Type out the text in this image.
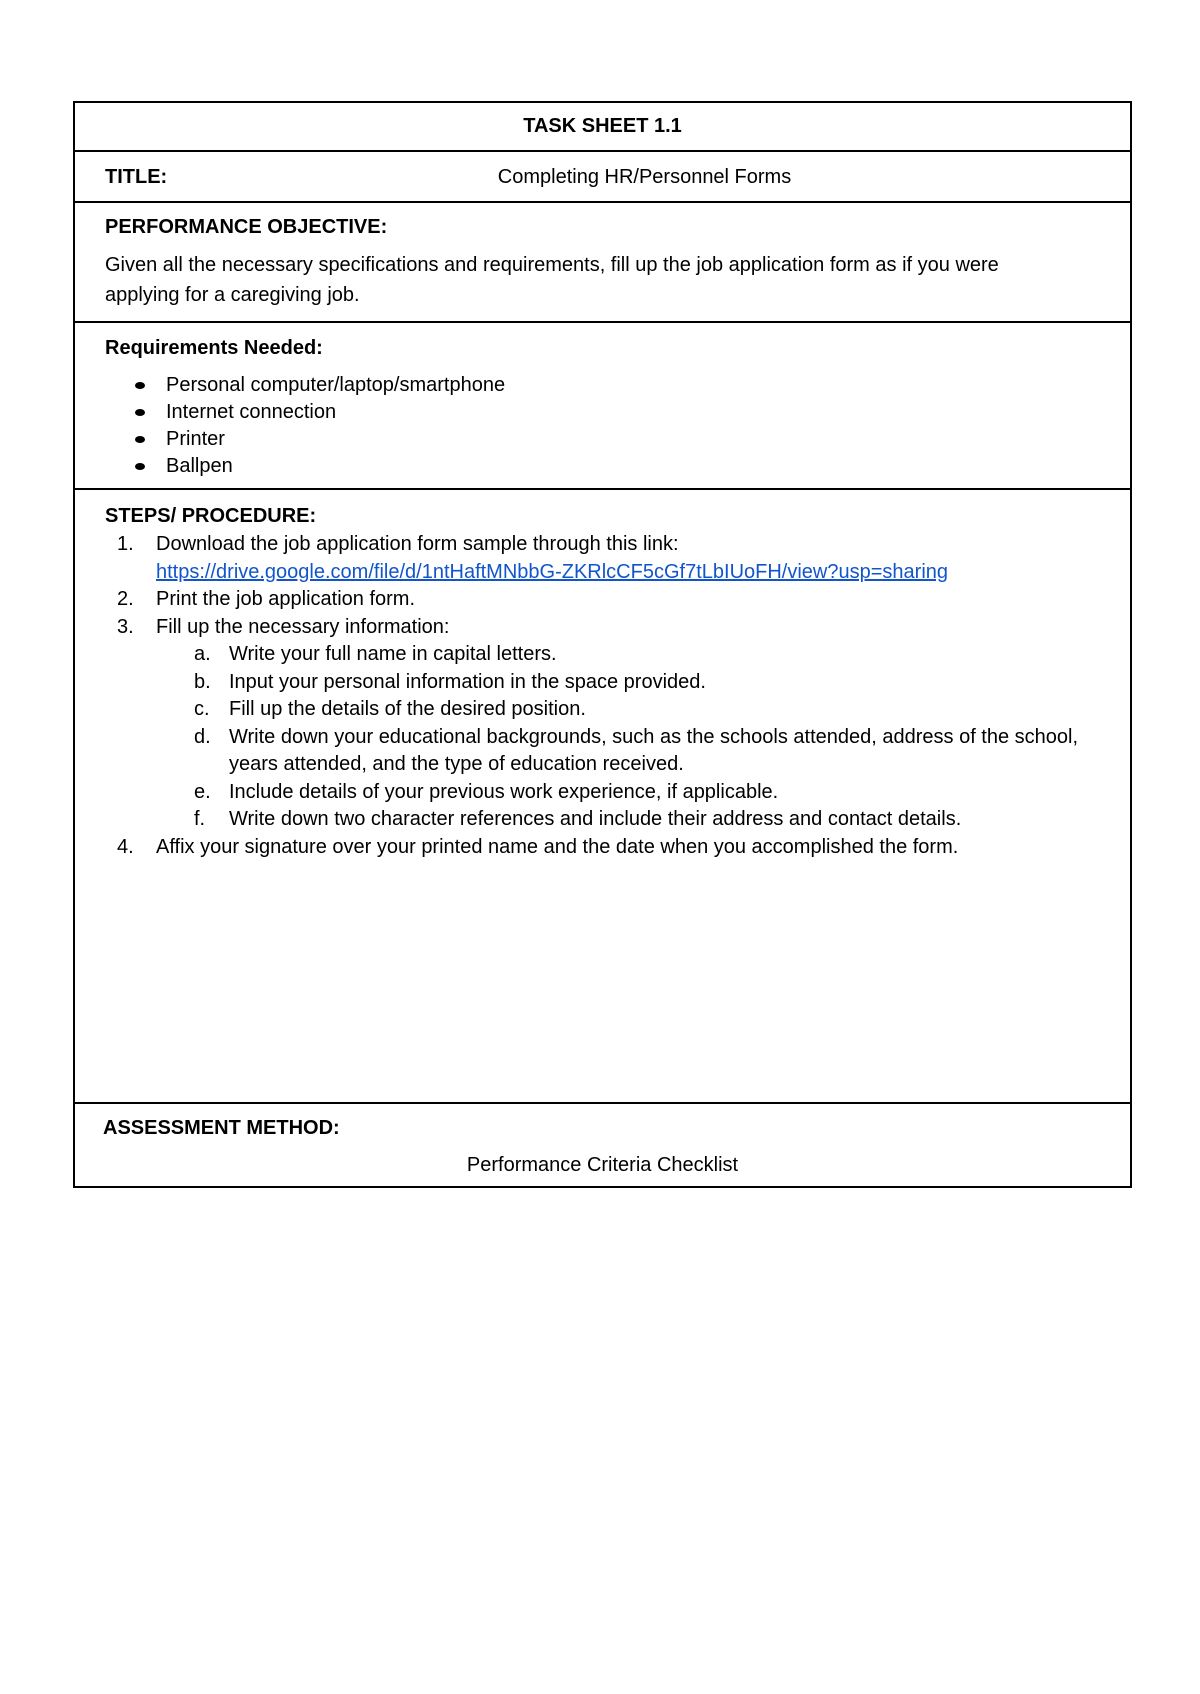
TASK SHEET 1.1
TITLE:	Completing HR/Personnel Forms
PERFORMANCE OBJECTIVE:
Given all the necessary specifications and requirements, fill up the job application form as if you were applying for a caregiving job.
Requirements Needed:
Personal computer/laptop/smartphone
Internet connection
Printer
Ballpen
STEPS/ PROCEDURE:
1. Download the job application form sample through this link:
https://drive.google.com/file/d/1ntHaftMNbbG-ZKRlcCF5cGf7tLbIUoFH/view?usp=sharing
2. Print the job application form.
3. Fill up the necessary information:
a. Write your full name in capital letters.
b. Input your personal information in the space provided.
c. Fill up the details of the desired position.
d. Write down your educational backgrounds, such as the schools attended, address of the school, years attended, and the type of education received.
e. Include details of your previous work experience, if applicable.
f. Write down two character references and include their address and contact details.
4. Affix your signature over your printed name and the date when you accomplished the form.
ASSESSMENT METHOD:
Performance Criteria Checklist
